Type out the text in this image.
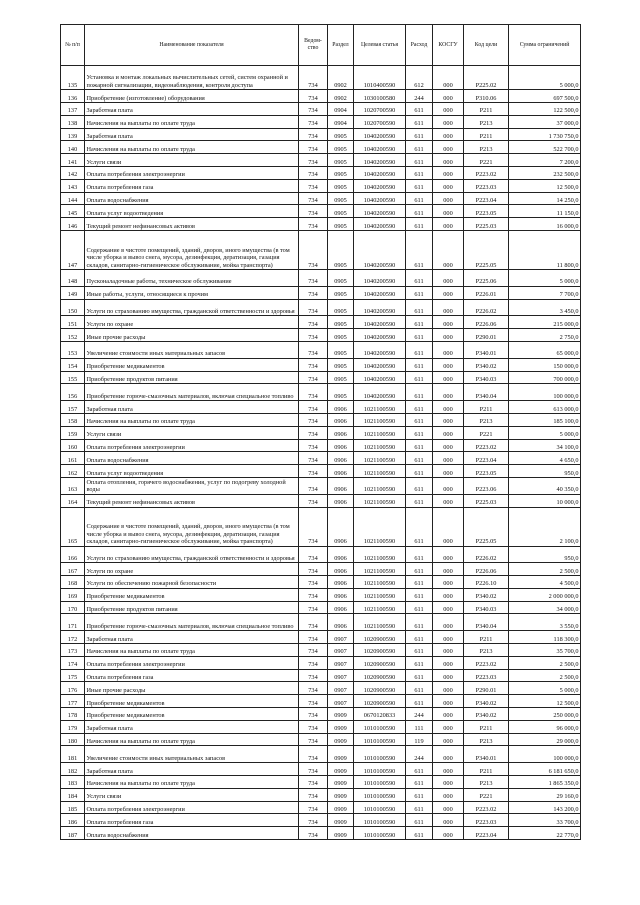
№ п/п	Наименование показателя	Ведом-ство	Раздел	Целевая статья	Расход	КОСГУ	Код цели	Сумма ограничений
135	Установка и монтаж локальных вычислительных сетей, систем охранной и пожарной сигнализации, видеонаблюдения, контроля доступа	734	0902	1010400590	612	000	Р225.02	5 000,0
136	Приобретение (изготовление) оборудования	734	0902	1030100580	244	000	Р310.06	697 500,0
137	Заработная плата	734	0904	1020700590	611	000	Р211	122 500,0
138	Начисления на выплаты по оплате труда	734	0904	1020700590	611	000	Р213	37 000,0
139	Заработная плата	734	0905	1040200590	611	000	Р211	1 730 750,0
140	Начисления на выплаты по оплате труда	734	0905	1040200590	611	000	Р213	522 700,0
141	Услуги связи	734	0905	1040200590	611	000	Р221	7 200,0
142	Оплата потребления электроэнергии	734	0905	1040200590	611	000	Р223.02	232 500,0
143	Оплата потребления газа	734	0905	1040200590	611	000	Р223.03	12 500,0
144	Оплата водоснабжения	734	0905	1040200590	611	000	Р223.04	14 250,0
145	Оплата услуг водоотведения	734	0905	1040200590	611	000	Р223.05	11 150,0
146	Текущий ремонт нефинансовых активов	734	0905	1040200590	611	000	Р225.03	16 000,0
147	Содержание в чистоте помещений, зданий, дворов, иного имущества (в том числе уборка и вывоз снега, мусора, дезинфекция, дератизация, газация складов, санитарно-гигиеническое обслуживание, мойка транспорта)	734	0905	1040200590	611	000	Р225.05	11 800,0
148	Пусконаладочные работы, техническое обслуживание	734	0905	1040200590	611	000	Р225.06	5 000,0
149	Иные работы, услуги, относящиеся к прочим	734	0905	1040200590	611	000	Р226.01	7 700,0
150	Услуги по страхованию имущества, гражданской ответственности и здоровья	734	0905	1040200590	611	000	Р226.02	3 450,0
151	Услуги по охране	734	0905	1040200590	611	000	Р226.06	215 000,0
152	Иные прочие расходы	734	0905	1040200590	611	000	Р290.01	2 750,0
153	Увеличение стоимости иных материальных запасов	734	0905	1040200590	611	000	Р340.01	65 000,0
154	Приобретение медикаментов	734	0905	1040200590	611	000	Р340.02	150 000,0
155	Приобретение продуктов питания	734	0905	1040200590	611	000	Р340.03	700 000,0
156	Приобретение горюче-смазочных материалов, включая специальное топливо	734	0905	1040200590	611	000	Р340.04	100 000,0
157	Заработная плата	734	0906	1021100590	611	000	Р211	613 000,0
158	Начисления на выплаты по оплате труда	734	0906	1021100590	611	000	Р213	185 100,0
159	Услуги связи	734	0906	1021100590	611	000	Р221	5 000,0
160	Оплата потребления электроэнергии	734	0906	1021100590	611	000	Р223.02	34 100,0
161	Оплата водоснабжения	734	0906	1021100590	611	000	Р223.04	4 650,0
162	Оплата услуг водоотведения	734	0906	1021100590	611	000	Р223.05	950,0
163	Оплата отопления, горячего водоснабжения, услуг по подогреву холодной воды	734	0906	1021100590	611	000	Р223.06	40 350,0
164	Текущий ремонт нефинансовых активов	734	0906	1021100590	611	000	Р225.03	10 000,0
165	Содержание в чистоте помещений, зданий, дворов, иного имущества (в том числе уборка и вывоз снега, мусора, дезинфекция, дератизация, газация складов, санитарно-гигиеническое обслуживание, мойка транспорта)	734	0906	1021100590	611	000	Р225.05	2 100,0
166	Услуги по страхованию имущества, гражданской ответственности и здоровья	734	0906	1021100590	611	000	Р226.02	950,0
167	Услуги по охране	734	0906	1021100590	611	000	Р226.06	2 500,0
168	Услуги по обеспечению пожарной безопасности	734	0906	1021100590	611	000	Р226.10	4 500,0
169	Приобретение медикаментов	734	0906	1021100590	611	000	Р340.02	2 000 000,0
170	Приобретение продуктов питания	734	0906	1021100590	611	000	Р340.03	34 000,0
171	Приобретение горюче-смазочных материалов, включая специальное топливо	734	0906	1021100590	611	000	Р340.04	3 550,0
172	Заработная плата	734	0907	1020900590	611	000	Р211	118 300,0
173	Начисления на выплаты по оплате труда	734	0907	1020900590	611	000	Р213	35 700,0
174	Оплата потребления электроэнергии	734	0907	1020900590	611	000	Р223.02	2 500,0
175	Оплата потребления газа	734	0907	1020900590	611	000	Р223.03	2 500,0
176	Иные прочие расходы	734	0907	1020900590	611	000	Р290.01	5 000,0
177	Приобретение медикаментов	734	0907	1020900590	611	000	Р340.02	12 500,0
178	Приобретение медикаментов	734	0909	0670120833	244	000	Р340.02	250 000,0
179	Заработная плата	734	0909	1010100590	111	000	Р211	96 000,0
180	Начисления на выплаты по оплате труда	734	0909	1010100590	119	000	Р213	29 000,0
181	Увеличение стоимости иных материальных запасов	734	0909	1010100590	244	000	Р340.01	100 000,0
182	Заработная плата	734	0909	1010100590	611	000	Р211	6 181 650,0
183	Начисления на выплаты по оплате труда	734	0909	1010100590	611	000	Р213	1 865 350,0
184	Услуги связи	734	0909	1010100590	611	000	Р221	29 160,0
185	Оплата потребления электроэнергии	734	0909	1010100590	611	000	Р223.02	143 200,0
186	Оплата потребления газа	734	0909	1010100590	611	000	Р223.03	33 700,0
187	Оплата водоснабжения	734	0909	1010100590	611	000	Р223.04	22 770,0
